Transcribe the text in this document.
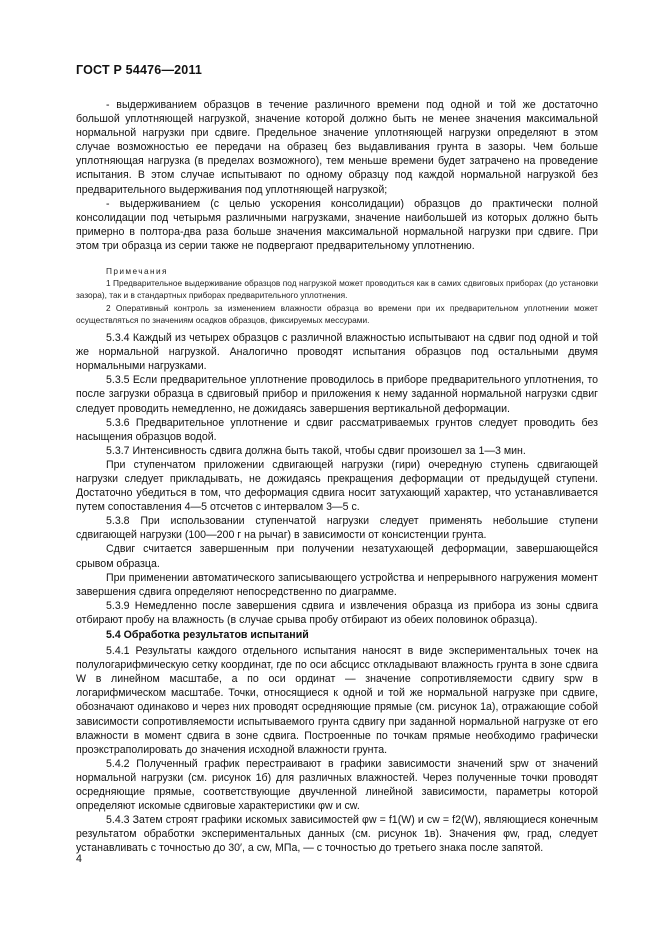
ГОСТ Р 54476—2011

- выдерживанием образцов в течение различного времени под одной и той же достаточно большой уплотняющей нагрузкой, значение которой должно быть не менее значения максимальной нормальной нагрузки при сдвиге. Предельное значение уплотняющей нагрузки определяют в этом случае возможностью ее передачи на образец без выдавливания грунта в зазоры. Чем больше уплотняющая нагрузка (в пределах возможного), тем меньше времени будет затрачено на проведение испытания. В этом случае испытывают по одному образцу под каждой нормальной нагрузкой без предварительного выдерживания под уплотняющей нагрузкой;

- выдерживанием (с целью ускорения консолидации) образцов до практически полной консолидации под четырьмя различными нагрузками, значение наибольшей из которых должно быть примерно в полтора-два раза больше значения максимальной нормальной нагрузки при сдвиге. При этом три образца из серии также не подвергают предварительному уплотнению.

Примечания

1 Предварительное выдерживание образцов под нагрузкой может проводиться как в самих сдвиговых приборах (до установки зазора), так и в стандартных приборах предварительного уплотнения.

2 Оперативный контроль за изменением влажности образца во времени при их предварительном уплотнении может осуществляться по значениям осадков образцов, фиксируемых мессурами.

5.3.4 Каждый из четырех образцов с различной влажностью испытывают на сдвиг под одной и той же нормальной нагрузкой. Аналогично проводят испытания образцов под остальными двумя нормальными нагрузками.

5.3.5 Если предварительное уплотнение проводилось в приборе предварительного уплотнения, то после загрузки образца в сдвиговый прибор и приложения к нему заданной нормальной нагрузки сдвиг следует проводить немедленно, не дожидаясь завершения вертикальной деформации.

5.3.6 Предварительное уплотнение и сдвиг рассматриваемых грунтов следует проводить без насыщения образцов водой.

5.3.7 Интенсивность сдвига должна быть такой, чтобы сдвиг произошел за 1—3 мин.

При ступенчатом приложении сдвигающей нагрузки (гири) очередную ступень сдвигающей нагрузки следует прикладывать, не дожидаясь прекращения деформации от предыдущей ступени. Достаточно убедиться в том, что деформация сдвига носит затухающий характер, что устанавливается путем сопоставления 4—5 отсчетов с интервалом 3—5 с.

5.3.8 При использовании ступенчатой нагрузки следует применять небольшие ступени сдвигающей нагрузки (100—200 г на рычаг) в зависимости от консистенции грунта.

Сдвиг считается завершенным при получении незатухающей деформации, завершающейся срывом образца.

При применении автоматического записывающего устройства и непрерывного нагружения момент завершения сдвига определяют непосредственно по диаграмме.

5.3.9 Немедленно после завершения сдвига и извлечения образца из прибора из зоны сдвига отбирают пробу на влажность (в случае срыва пробу отбирают из обеих половинок образца).

5.4 Обработка результатов испытаний

5.4.1 Результаты каждого отдельного испытания наносят в виде экспериментальных точек на полулогарифмическую сетку координат, где по оси абсцисс откладывают влажность грунта в зоне сдвига W в линейном масштабе, а по оси ординат — значение сопротивляемости сдвигу spw в логарифмическом масштабе. Точки, относящиеся к одной и той же нормальной нагрузке при сдвиге, обозначают одинаково и через них проводят осредняющие прямые (см. рисунок 1а), отражающие собой зависимости сопротивляемости испытываемого грунта сдвигу при заданной нормальной нагрузке от его влажности в момент сдвига в зоне сдвига. Построенные по точкам прямые необходимо графически проэкстраполировать до значения исходной влажности грунта.

5.4.2 Полученный график перестраивают в графики зависимости значений spw от значений нормальной нагрузки (см. рисунок 1б) для различных влажностей. Через полученные точки проводят осредняющие прямые, соответствующие двучленной линейной зависимости, параметры которой определяют искомые сдвиговые характеристики φw и cw.

5.4.3 Затем строят графики искомых зависимостей φw = f1(W) и cw = f2(W), являющиеся конечным результатом обработки экспериментальных данных (см. рисунок 1в). Значения φw, град, следует устанавливать с точностью до 30′, а cw, МПа, — с точностью до третьего знака после запятой.

4
